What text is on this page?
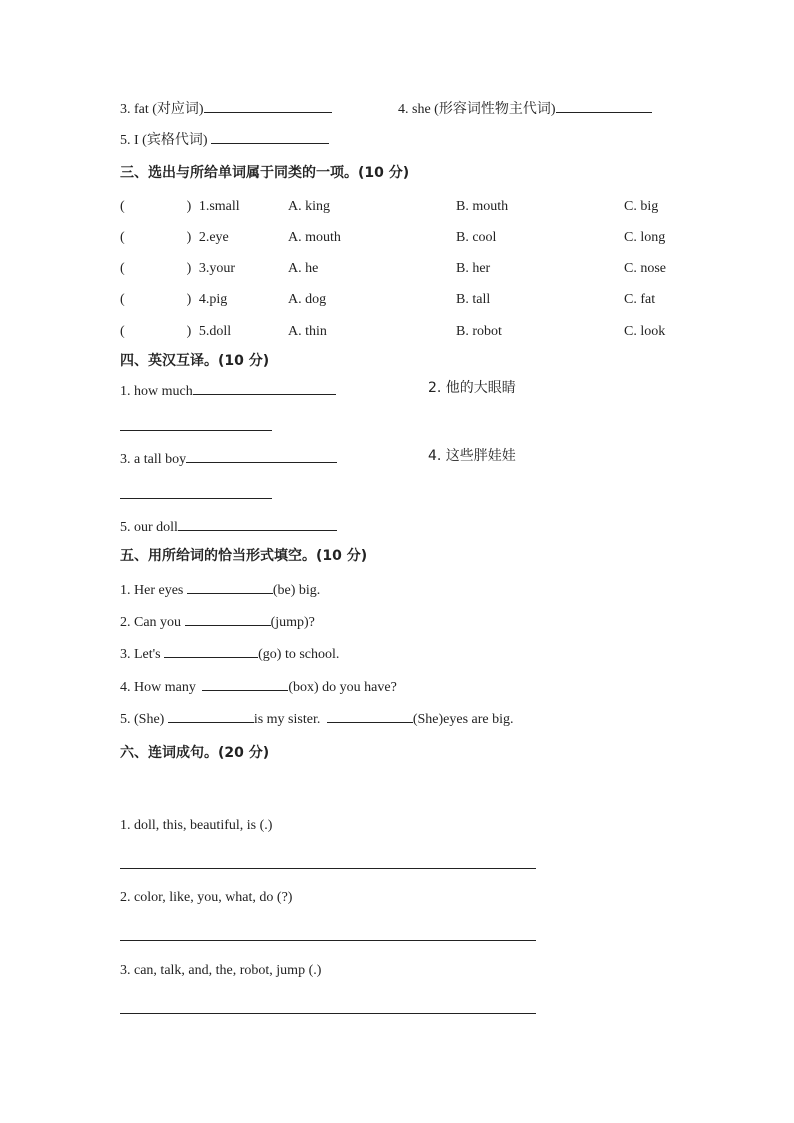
3. fat (对应词)	4. she (形容词性物主代词)
5. I (宾格代词)
三、选出与所给单词属于同类的一项。(10 分)
(	) 1.small	A. king	B. mouth	C. big
(	) 2.eye	A. mouth	B. cool	C. long
(	) 3.your	A. he	B. her	C. nose
(	) 4.pig	A. dog	B. tall	C. fat
(	) 5.doll	A. thin	B. robot	C. look
四、英汉互译。(10 分)
1. how much	2. 他的大眼睛
3. a tall boy	4. 这些胖娃娃
5. our doll
五、用所给词的恰当形式填空。(10 分)
1. Her eyes	(be) big.
2. Can you	(jump)?
3. Let's	(go) to school.
4. How many	(box) do you have?
5. (She)	is my sister.	(She)eyes are big.
六、连词成句。(20 分)
1. doll, this, beautiful, is (.)
2. color, like, you, what, do (?)
3. can, talk, and, the, robot, jump (.)
